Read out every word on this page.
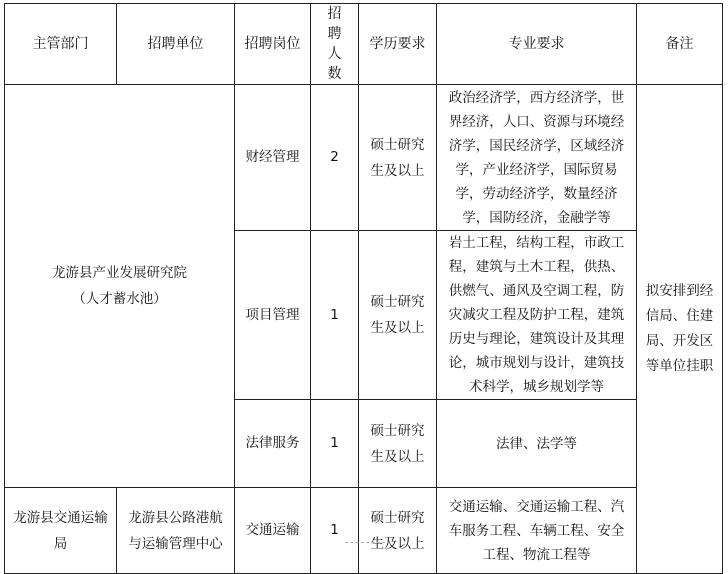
主管部门	招聘单位	招聘岗位	招聘人数	学历要求	专业要求	备注

龙游县产业发展研究院（人才蓄水池）		财经管理	2	硕士研究生及以上	政治经济学，西方经济学，世界经济，人口、资源与环境经济学，国民经济学，区域经济学，产业经济学，国际贸易学，劳动经济学，数量经济学，国防经济，金融学等	拟安排到经信局、住建局、开发区等单位挂职

		项目管理	1	硕士研究生及以上	岩土工程，结构工程，市政工程，建筑与土木工程，供热、供燃气、通风及空调工程，防灾减灾工程及防护工程，建筑历史与理论，建筑设计及其理论，城市规划与设计，建筑技术科学，城乡规划学等	

		法律服务	1	硕士研究生及以上	法律、法学等	

龙游县交通运输局	龙游县公路港航与运输管理中心	交通运输	1	硕士研究生及以上	交通运输、交通运输工程、汽车服务工程、车辆工程、安全工程、物流工程等	
